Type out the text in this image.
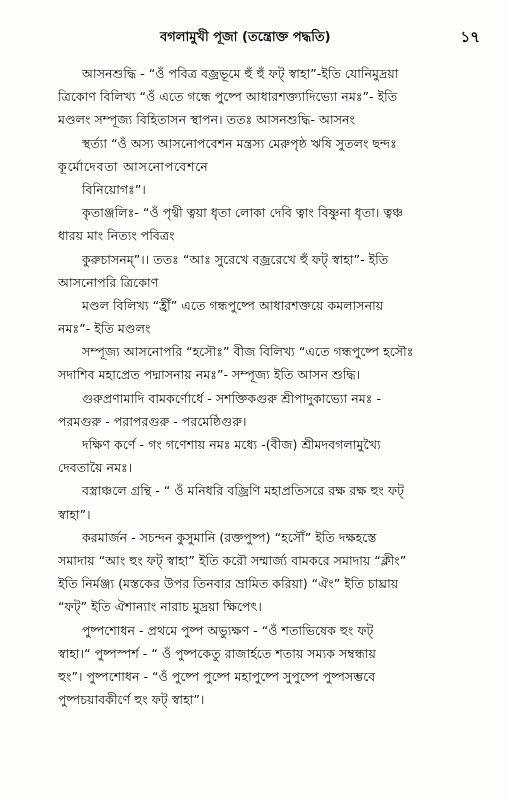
বগলামুখী পূজা (তন্ত্রোক্ত পদ্ধতি)	১৭
আসনশুদ্ধি - “ওঁ পবিত্র বজ্রভূমে হুঁ হুঁ ফট্ স্বাহা”-ইতি যোনিমুদ্রয়া
ত্রিকোণ বিলিখ্য “ওঁ এতে গন্ধে পুষ্পে আধারশক্ত্যাদিভ্যো নমঃ”- ইতি
মণ্ডলং সম্পূজ্য বিহিতাসন স্থাপন। ততঃ আসনশুদ্ধি- আসনং
স্থর্ত্যা “ওঁ অস্য আসনোপবেশন মন্ত্রস্য মেরুপৃষ্ঠ ঋষি সুতলং ছন্দঃ
কূর্মোদেবতা আসনোপবেশনে
বিনিয়োগঃ”।
কৃতাঞ্জলিঃ- “ওঁ পৃথ্বী ত্বয়া ধৃতা লোকা দেবি ত্বাং বিষ্ণুনা ধৃতা। ত্বঞ্চ
ধারয় মাং নিত্যং পবিত্রং
কুরুচাসনম্”।। ততঃ “আঃ সুরেখে বজ্ররেখে হুঁ ফট্ স্বাহা”- ইতি
আসনোপরি ত্রিকোণ
মণ্ডল বিলিখ্য “হ্রীঁ” এতে গন্ধপুষ্পে আধারশক্তয়ে কমলাসনায়
নমঃ”- ইতি মণ্ডলং
সম্পূজ্য আসনোপরি “হসৌঃ” বীজ বিলিখ্য “এতে গন্ধপুষ্পে হসৌঃ
সদাশিব মহাপ্রেত পদ্মাসনায় নমঃ”- সম্পূজ্য ইতি আসন শুদ্ধি।
গুরুপ্রণামাদি বামকর্ণোর্ধে - সশক্তিকগুরু শ্রীপাদুকাভ্যো নমঃ -
পরমগুরু - পরাপরগুরু - পরমেষ্ঠিগুরু।
দক্ষিণ কর্ণে - গং গণেশায় নমঃ মধ্যে -(বীজ) শ্রীমদবগলামুখ্যৈ
দেবতায়ৈ নমঃ।
বস্ত্রাঞ্চলে গ্রন্থি - “ ওঁ মনিধরি বজ্রিণি মহাপ্রতিসরে রক্ষ রক্ষ হুং ফট্
স্বাহা”।
করমার্জন - সচন্দন কুসুমানি (রক্তপুষ্প) “হসৌঁ” ইতি দক্ষহস্তে
সমাদায় “আং হুং ফট্ স্বাহা” ইতি করৌ সম্মার্জ্য বামকরে সমাদায় “ক্লীং”
ইতি নির্মঞ্জ্য (মস্তকের উপর তিনবার ভ্রামিত করিয়া) “ঐং” ইতি চাঘ্রায়
“ফট্” ইতি ঐশান্যাং নারাচ মুদ্রয়া ক্ষিপেৎ।
পুষ্পশোধন - প্রথমে পুষ্প অভ্যুক্ষণ - “ওঁ শতাভিষেক হুং ফট্
স্বাহা।“ পুষ্পস্পর্শ - “ ওঁ পুষ্পকেতু রাজার্হতে শতায় সম্যক সম্বন্ধায়
হুং”। পুষ্পশোধন - “ওঁ পুষ্পে পুষ্পে মহাপুষ্পে সুপুষ্পে পুষ্পসম্ভবে
পুষ্পচয়াবকীর্ণে হুং ফট্ স্বাহা”।
